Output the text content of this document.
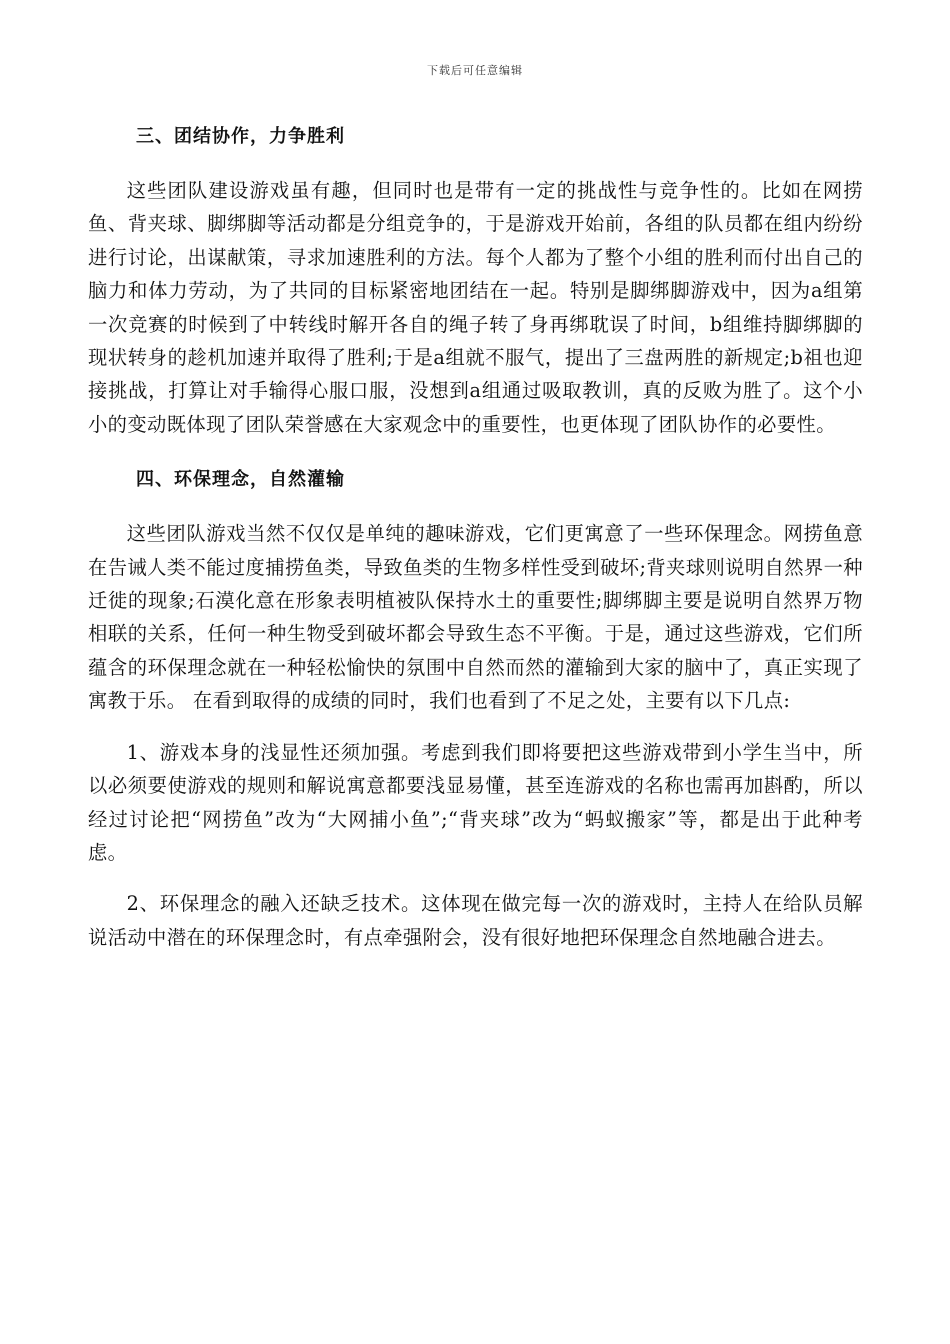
下载后可任意编辑
三、团结协作，力争胜利

这些团队建设游戏虽有趣，但同时也是带有一定的挑战性与竞争性的。比如在网捞鱼、背夹球、脚绑脚等活动都是分组竞争的，于是游戏开始前，各组的队员都在组内纷纷进行讨论，出谋献策，寻求加速胜利的方法。每个人都为了整个小组的胜利而付出自己的脑力和体力劳动，为了共同的目标紧密地团结在一起。特别是脚绑脚游戏中，因为a组第一次竞赛的时候到了中转线时解开各自的绳子转了身再绑耽误了时间，b组维持脚绑脚的现状转身的趁机加速并取得了胜利;于是a组就不服气，提出了三盘两胜的新规定;b祖也迎接挑战，打算让对手输得心服口服，没想到a组通过吸取教训，真的反败为胜了。这个小小的变动既体现了团队荣誉感在大家观念中的重要性，也更体现了团队协作的必要性。

四、环保理念，自然灌输

这些团队游戏当然不仅仅是单纯的趣味游戏，它们更寓意了一些环保理念。网捞鱼意在告诫人类不能过度捕捞鱼类，导致鱼类的生物多样性受到破坏;背夹球则说明自然界一种迁徙的现象;石漠化意在形象表明植被队保持水土的重要性;脚绑脚主要是说明自然界万物相联的关系，任何一种生物受到破坏都会导致生态不平衡。于是，通过这些游戏，它们所蕴含的环保理念就在一种轻松愉快的氛围中自然而然的灌输到大家的脑中了，真正实现了寓教于乐。 在看到取得的成绩的同时，我们也看到了不足之处，主要有以下几点:

1、游戏本身的浅显性还须加强。考虑到我们即将要把这些游戏带到小学生当中，所以必须要使游戏的规则和解说寓意都要浅显易懂，甚至连游戏的名称也需再加斟酌，所以经过讨论把“网捞鱼”改为“大网捕小鱼”;“背夹球”改为“蚂蚁搬家”等，都是出于此种考虑。

2、环保理念的融入还缺乏技术。这体现在做完每一次的游戏时，主持人在给队员解说活动中潜在的环保理念时，有点牵强附会，没有很好地把环保理念自然地融合进去。
